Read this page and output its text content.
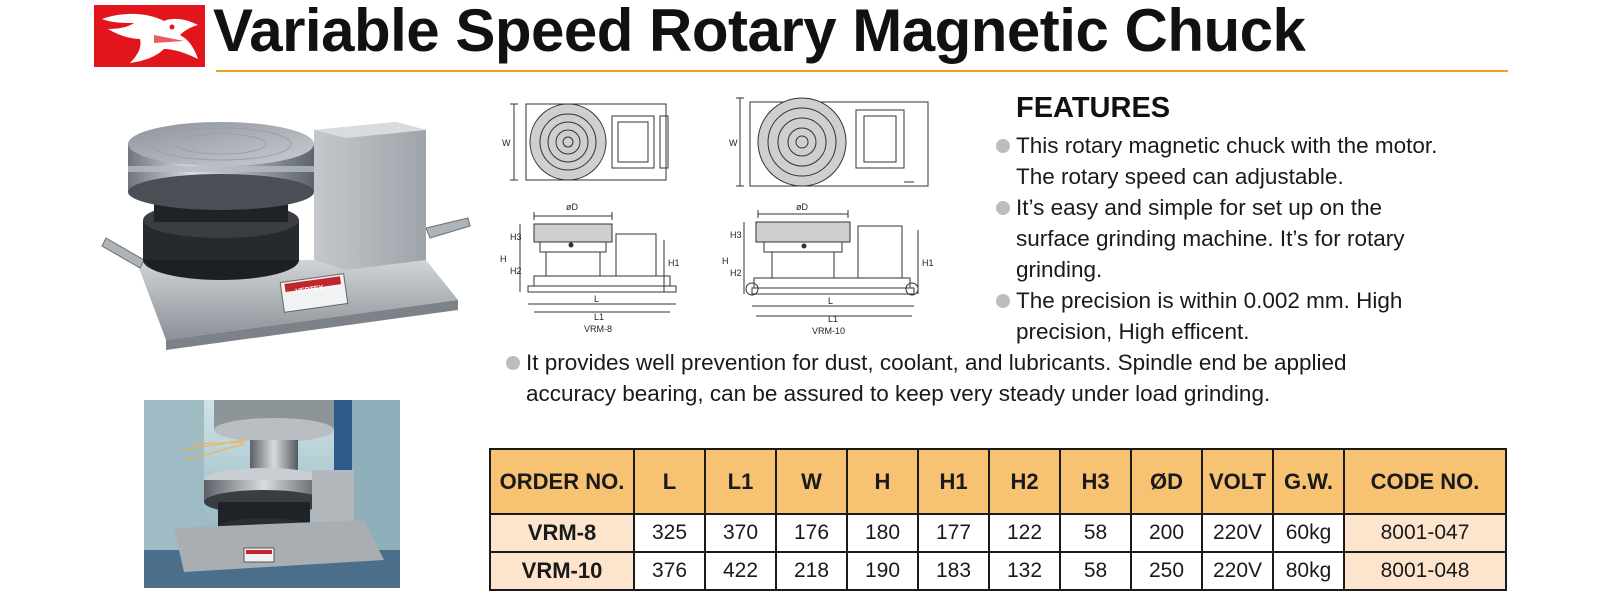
Variable Speed Rotary Magnetic Chuck
VERTEX
W
øD
H3
H
H2
H1
L
L1
VRM-8
W
øD
H3
H
H2
H1
L
L1
VRM-10
FEATURES
This rotary magnetic chuck with the motor.
The rotary speed can adjustable.
It’s easy and simple for set up on the
surface grinding machine. It’s for rotary
grinding.
The precision is within 0.002 mm. High
precision, High efficent.
It provides well prevention for dust, coolant, and lubricants. Spindle end be applied
accuracy bearing, can be assured to keep very steady under load grinding.
ORDER NO.	L	L1	W	H	H1	H2	H3	ØD	VOLT	G.W.	CODE NO.
VRM-8	325	370	176	180	177	122	58	200	220V	60kg	8001-047
VRM-10	376	422	218	190	183	132	58	250	220V	80kg	8001-048
